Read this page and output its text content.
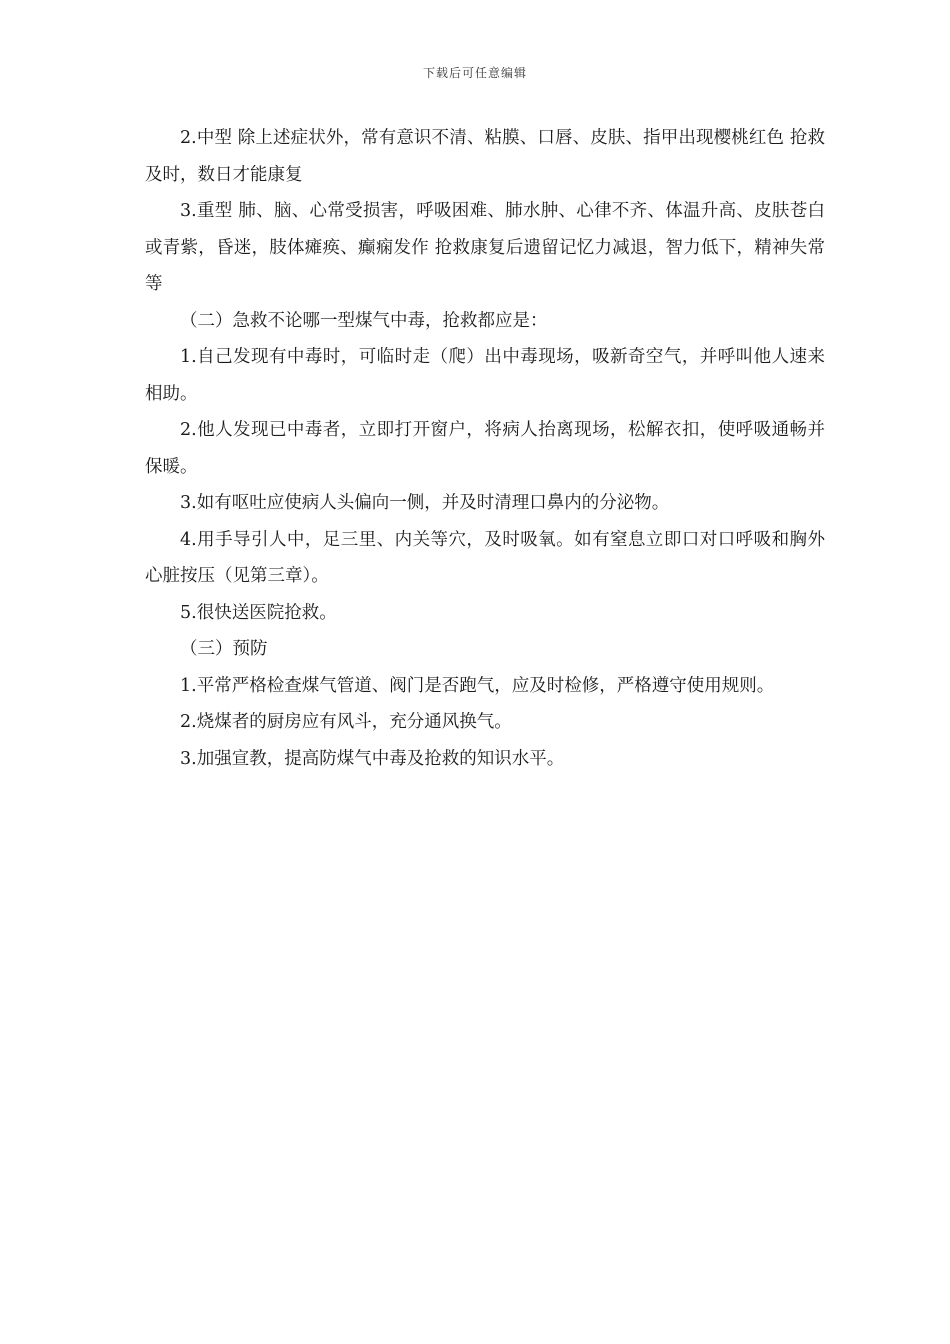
下载后可任意编辑

2.中型 除上述症状外，常有意识不清、粘膜、口唇、皮肤、指甲出现樱桃红色 抢救及时，数日才能康复

3.重型 肺、脑、心常受损害，呼吸困难、肺水肿、心律不齐、体温升高、皮肤苍白或青紫，昏迷，肢体瘫痪、癫痫发作 抢救康复后遗留记忆力减退，智力低下，精神失常等

（二）急救不论哪一型煤气中毒，抢救都应是：

1.自己发现有中毒时，可临时走（爬）出中毒现场，吸新奇空气，并呼叫他人速来相助。

2.他人发现已中毒者，立即打开窗户，将病人抬离现场，松解衣扣，使呼吸通畅并保暖。

3.如有呕吐应使病人头偏向一侧，并及时清理口鼻内的分泌物。

4.用手导引人中，足三里、内关等穴，及时吸氧。如有窒息立即口对口呼吸和胸外心脏按压（见第三章）。

5.很快送医院抢救。

（三）预防

1.平常严格检查煤气管道、阀门是否跑气，应及时检修，严格遵守使用规则。

2.烧煤者的厨房应有风斗，充分通风换气。

3.加强宣教，提高防煤气中毒及抢救的知识水平。
